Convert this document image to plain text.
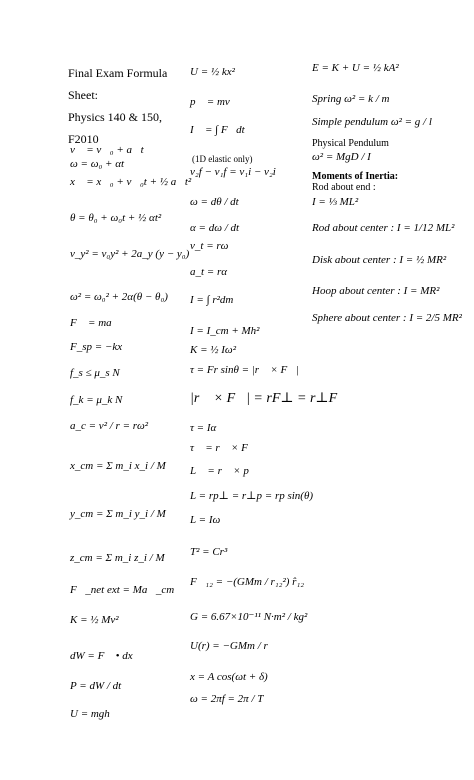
Final Exam Formula
Sheet:
Physics 140 & 150,
F2010
v⃗ = v⃗₀ + a⃗t
ω = ω₀ + αt
x⃗ = x⃗₀ + v⃗₀t + ½ a⃗t²
θ = θ₀ + ω₀t + ½ αt²
v_y² = v₀y² + 2a_y (y − y₀)
ω² = ω₀² + 2α(θ − θ₀)
F⃗ = ma⃗
F_sp = −kx
f_s ≤ μ_s N
f_k = μ_k N
a_c = v² / r = rω²
x_cm = Σ m_i x_i / M
y_cm = Σ m_i y_i / M
z_cm = Σ m_i z_i / M
F⃗_net ext = Ma⃗_cm
K = ½ Mv²
dW = F⃗ • dx⃗
P = dW / dt
U = mgh
U = ½ kx²
p⃗ = mv⃗
I⃗ = ∫ F⃗dt
(1D elastic only)
v₂f − v₁f = v₁i − v₂i
ω = dθ / dt
α = dω / dt
v_t = rω
a_t = rα
I = ∫ r²dm
I = I_cm + Mh²
K = ½ Iω²
τ = Fr sinθ = |r⃗ × F⃗|
|r⃗ × F⃗| = rF⊥ = r⊥F
τ = Iα
τ⃗ = r⃗ × F⃗
L⃗ = r⃗ × p⃗
L = rp⊥ = r⊥p = rp sin(θ)
L = Iω
T² = Cr³
F⃗₁₂ = −(GMm / r₁₂²) r̂₁₂
G = 6.67×10⁻¹¹ N·m² / kg²
U(r) = −GMm / r
x = A cos(ωt + δ)
ω = 2πf = 2π / T
E = K + U = ½ kA²
Spring ω² = k / m
Simple pendulum ω² = g / l
Physical Pendulum
ω² = MgD / I
Moments of Inertia:
Rod about end :
I = ⅓ ML²
Rod about center : I = 1/12 ML²
Disk about center : I = ½ MR²
Hoop about center : I = MR²
Sphere about center : I = 2/5 MR²
